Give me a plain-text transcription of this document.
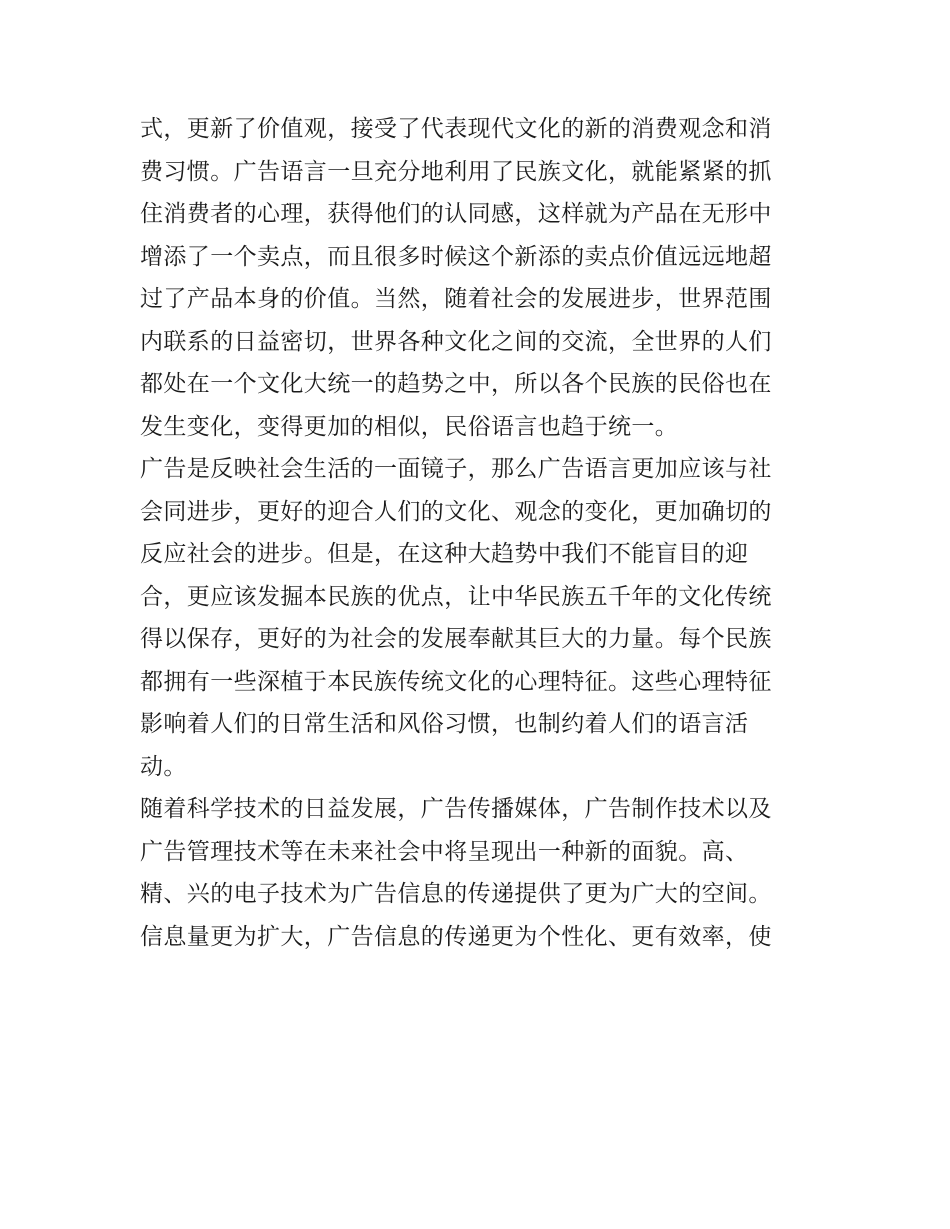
式，更新了价值观，接受了代表现代文化的新的消费观念和消
费习惯。广告语言一旦充分地利用了民族文化，就能紧紧的抓
住消费者的心理，获得他们的认同感，这样就为产品在无形中
增添了一个卖点，而且很多时候这个新添的卖点价值远远地超
过了产品本身的价值。当然，随着社会的发展进步，世界范围
内联系的日益密切，世界各种文化之间的交流，全世界的人们
都处在一个文化大统一的趋势之中，所以各个民族的民俗也在
发生变化，变得更加的相似，民俗语言也趋于统一。
广告是反映社会生活的一面镜子，那么广告语言更加应该与社
会同进步，更好的迎合人们的文化、观念的变化，更加确切的
反应社会的进步。但是，在这种大趋势中我们不能盲目的迎
合，更应该发掘本民族的优点，让中华民族五千年的文化传统
得以保存，更好的为社会的发展奉献其巨大的力量。每个民族
都拥有一些深植于本民族传统文化的心理特征。这些心理特征
影响着人们的日常生活和风俗习惯，也制约着人们的语言活
动。
随着科学技术的日益发展，广告传播媒体，广告制作技术以及
广告管理技术等在未来社会中将呈现出一种新的面貌。高、
精、兴的电子技术为广告信息的传递提供了更为广大的空间。
信息量更为扩大，广告信息的传递更为个性化、更有效率，使
